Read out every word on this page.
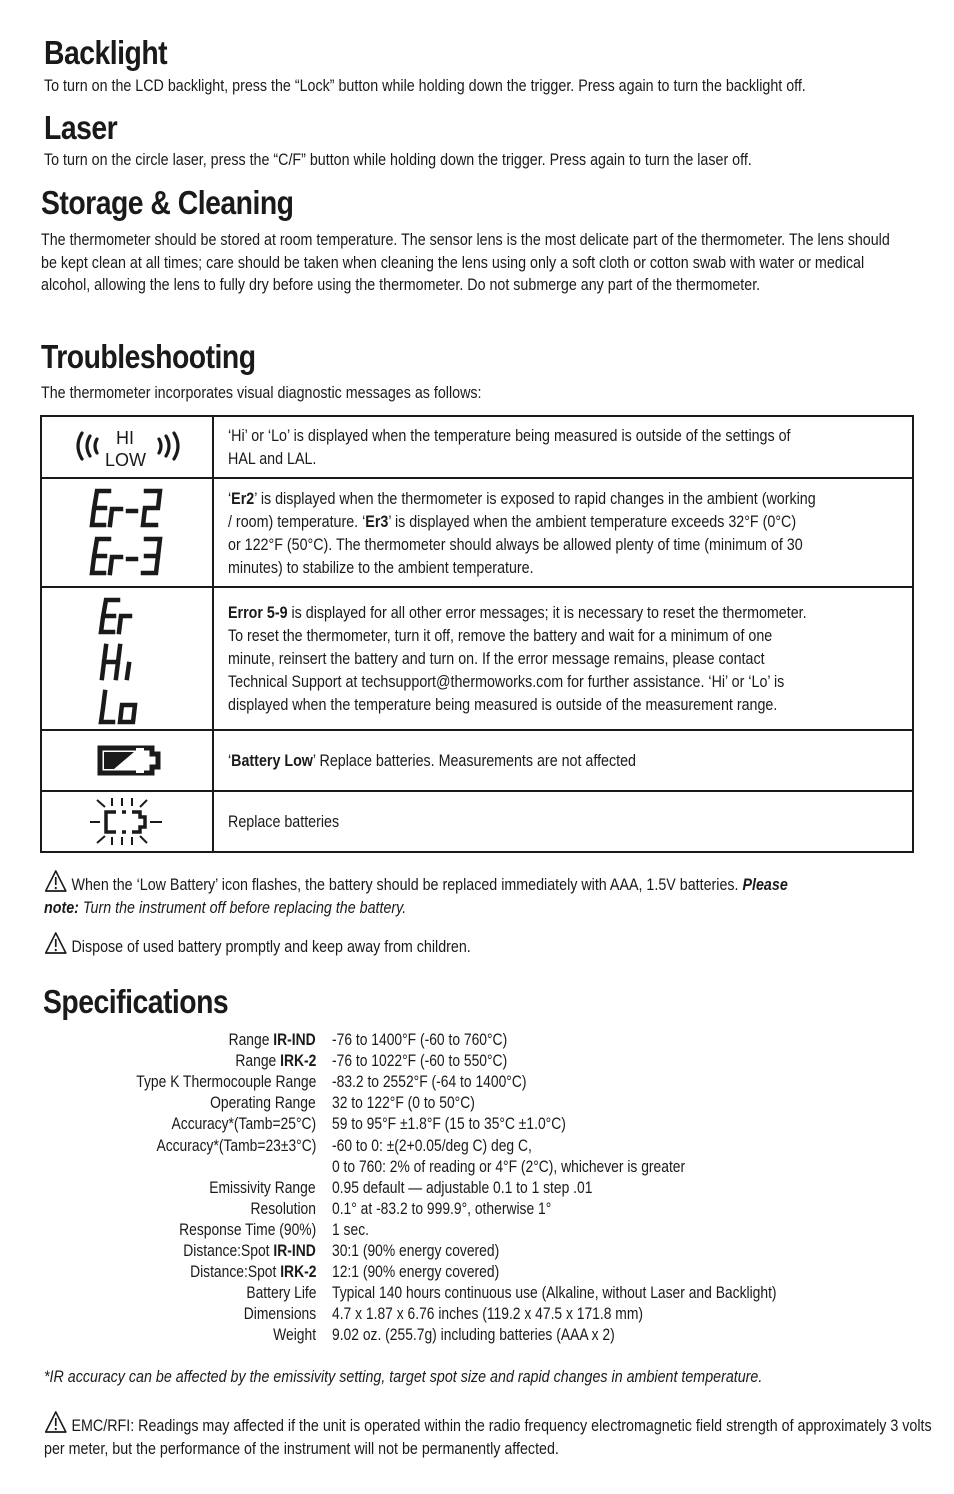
Backlight

To turn on the LCD backlight, press the “Lock” button while holding down the trigger. Press again to turn the backlight off.

Laser

To turn on the circle laser, press the “C/F” button while holding down the trigger. Press again to turn the laser off.

Storage & Cleaning

The thermometer should be stored at room temperature. The sensor lens is the most delicate part of the thermometer. The lens should be kept clean at all times; care should be taken when cleaning the lens using only a soft cloth or cotton swab with water or medical alcohol, allowing the lens to fully dry before using the thermometer. Do not submerge any part of the thermometer.

Troubleshooting

The thermometer incorporates visual diagnostic messages as follows:

HI
LOW
‘Hi’ or ‘Lo’ is displayed when the temperature being measured is outside of the settings of
HAL and LAL.
‘Er2’ is displayed when the thermometer is exposed to rapid changes in the ambient (working
/ room) temperature. ‘Er3’ is displayed when the ambient temperature exceeds 32°F (0°C)
or 122°F (50°C). The thermometer should always be allowed plenty of time (minimum of 30
minutes) to stabilize to the ambient temperature.
Error 5-9 is displayed for all other error messages; it is necessary to reset the thermometer.
To reset the thermometer, turn it off, remove the battery and wait for a minimum of one
minute, reinsert the battery and turn on. If the error message remains, please contact
Technical Support at techsupport@thermoworks.com for further assistance. ‘Hi’ or ‘Lo’ is
displayed when the temperature being measured is outside of the measurement range.
‘Battery Low’ Replace batteries. Measurements are not affected
Replace batteries
When the ‘Low Battery’ icon flashes, the battery should be replaced immediately with AAA, 1.5V batteries. Please
note: Turn the instrument off before replacing the battery.
Dispose of used battery promptly and keep away from children.
Specifications
Range IR-IND -76 to 1400°F (-60 to 760°C)
Range IRK-2 -76 to 1022°F (-60 to 550°C)
Type K Thermocouple Range -83.2 to 2552°F (-64 to 1400°C)
Operating Range 32 to 122°F (0 to 50°C)
Accuracy*(Tamb=25°C) 59 to 95°F ±1.8°F (15 to 35°C ±1.0°C)
Accuracy*(Tamb=23±3°C) -60 to 0: ±(2+0.05/deg C) deg C,
0 to 760: 2% of reading or 4°F (2°C), whichever is greater
Emissivity Range 0.95 default — adjustable 0.1 to 1 step .01
Resolution 0.1° at -83.2 to 999.9°, otherwise 1°
Response Time (90%) 1 sec.
Distance:Spot IR-IND 30:1 (90% energy covered)
Distance:Spot IRK-2 12:1 (90% energy covered)
Battery Life Typical 140 hours continuous use (Alkaline, without Laser and Backlight)
Dimensions 4.7 x 1.87 x 6.76 inches (119.2 x 47.5 x 171.8 mm)
Weight 9.02 oz. (255.7g) including batteries (AAA x 2)

*IR accuracy can be affected by the emissivity setting, target spot size and rapid changes in ambient temperature.

EMC/RFI: Readings may affected if the unit is operated within the radio frequency electromagnetic field strength of approximately 3 volts per meter, but the performance of the instrument will not be permanently affected.
